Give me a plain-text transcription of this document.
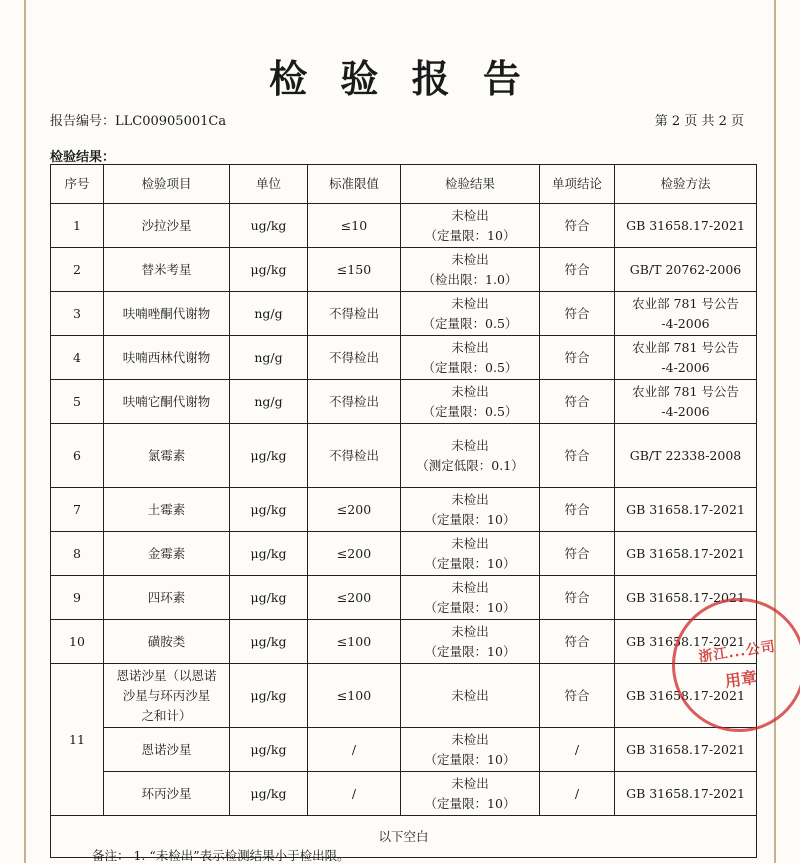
检 验 报 告
报告编号：LLC00905001Ca	第 2 页 共 2 页
检验结果：
序号	检验项目	单位	标准限值	检验结果	单项结论	检验方法
1	沙拉沙星	ug/kg	≤10	未检出
（定量限：10）	符合	GB 31658.17-2021

2	替米考星	μg/kg	≤150	未检出
（检出限：1.0）	符合	GB/T 20762-2006

3	呋喃唑酮代谢物	ng/g	不得检出	未检出
（定量限：0.5）	符合	农业部 781 号公告
-4-2006

4	呋喃西林代谢物	ng/g	不得检出	未检出
（定量限：0.5）	符合	农业部 781 号公告
-4-2006

5	呋喃它酮代谢物	ng/g	不得检出	未检出
（定量限：0.5）	符合	农业部 781 号公告
-4-2006

6	氯霉素	μg/kg	不得检出	未检出
（测定低限：0.1）	符合	GB/T 22338-2008

7	土霉素	μg/kg	≤200	未检出
（定量限：10）	符合	GB 31658.17-2021

8	金霉素	μg/kg	≤200	未检出
（定量限：10）	符合	GB 31658.17-2021

9	四环素	μg/kg	≤200	未检出
（定量限：10）	符合	GB 31658.17-2021

10	磺胺类	μg/kg	≤100	未检出
（定量限：10）	符合	GB 31658.17-2021

11	恩诺沙星（以恩诺
沙星与环丙沙星
之和计）	μg/kg	≤100	未检出	符合	GB 31658.17-2021

	恩诺沙星	μg/kg	/	未检出
（定量限：10）	/	GB 31658.17-2021

	环丙沙星	μg/kg	/	未检出
（定量限：10）	/	GB 31658.17-2021
以下空白						
浙江...公司
用章
备注： 1. “未检出”表示检测结果小于检出限。
